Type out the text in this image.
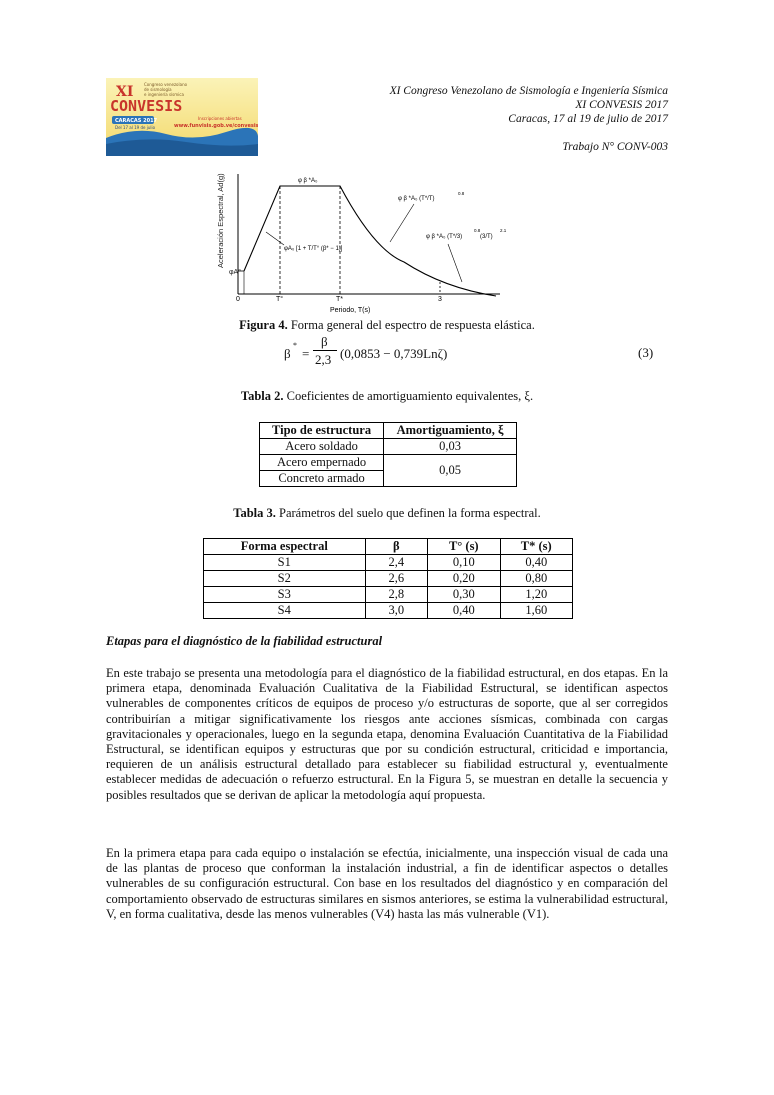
XI
CONVESIS
Congreso venezolano
de sismología
e ingeniería sísmica
CARACAS 2017
Del 17 al 19 de julio
Inscripciones abiertas
www.funvisis.gob.ve/convesis
XI Congreso Venezolano de Sismología e Ingeniería Sísmica
XI CONVESIS 2017
Caracas, 17 al 19 de julio de 2017
Trabajo N° CONV-003
Aceleración Espectral, Ad(g)
φA°
0	T°	T*	3
Periodo, T(s)
φ β *A₀
φ β *A₀ (T*/T)
0.8
φ β *A₀ (T*/3)
0.8
(3/T)
2.1
φA₀ [1 + T/T° (β* − 1)]
Figura 4. Forma general del espectro de respuesta elástica.
β
*
=
β
2,3 (0,0853 − 0,739Lnζ)	(3)
Tabla 2. Coeficientes de amortiguamiento equivalentes, ξ.
Tipo de estructura	Amortiguamiento, ξ
Acero soldado	0,03
Acero empernado	0,05
Concreto armado	
Tabla 3. Parámetros del suelo que definen la forma espectral.
Forma espectral	β	T° (s)	T* (s)
S1	2,4	0,10	0,40
S2	2,6	0,20	0,80
S3	2,8	0,30	1,20
S4	3,0	0,40	1,60
Etapas para el diagnóstico de la fiabilidad estructural
En este trabajo se presenta una metodología para el diagnóstico de la fiabilidad estructural, en dos etapas. En la primera etapa, denominada Evaluación Cualitativa de la Fiabilidad Estructural, se identifican aspectos vulnerables de componentes críticos de equipos de proceso y/o estructuras de soporte, que al ser corregidos contribuirían a mitigar significativamente los riesgos ante acciones sísmicas, combinada con cargas gravitacionales y operacionales, luego en la segunda etapa, denomina Evaluación Cuantitativa de la Fiabilidad Estructural, se identifican equipos y estructuras que por su condición estructural, criticidad e importancia, requieren de un análisis estructural detallado para establecer su fiabilidad estructural y, eventualmente establecer medidas de adecuación o refuerzo estructural. En la Figura 5, se muestran en detalle la secuencia y posibles resultados que se derivan de aplicar la metodología aquí propuesta.
En la primera etapa para cada equipo o instalación se efectúa, inicialmente, una inspección visual de cada una de las plantas de proceso que conforman la instalación industrial, a fin de identificar aspectos o detalles vulnerables de su configuración estructural. Con base en los resultados del diagnóstico y en comparación del comportamiento observado de estructuras similares en sismos anteriores, se estima la vulnerabilidad estructural, V, en forma cualitativa, desde las menos vulnerables (V4) hasta las más vulnerable (V1).
